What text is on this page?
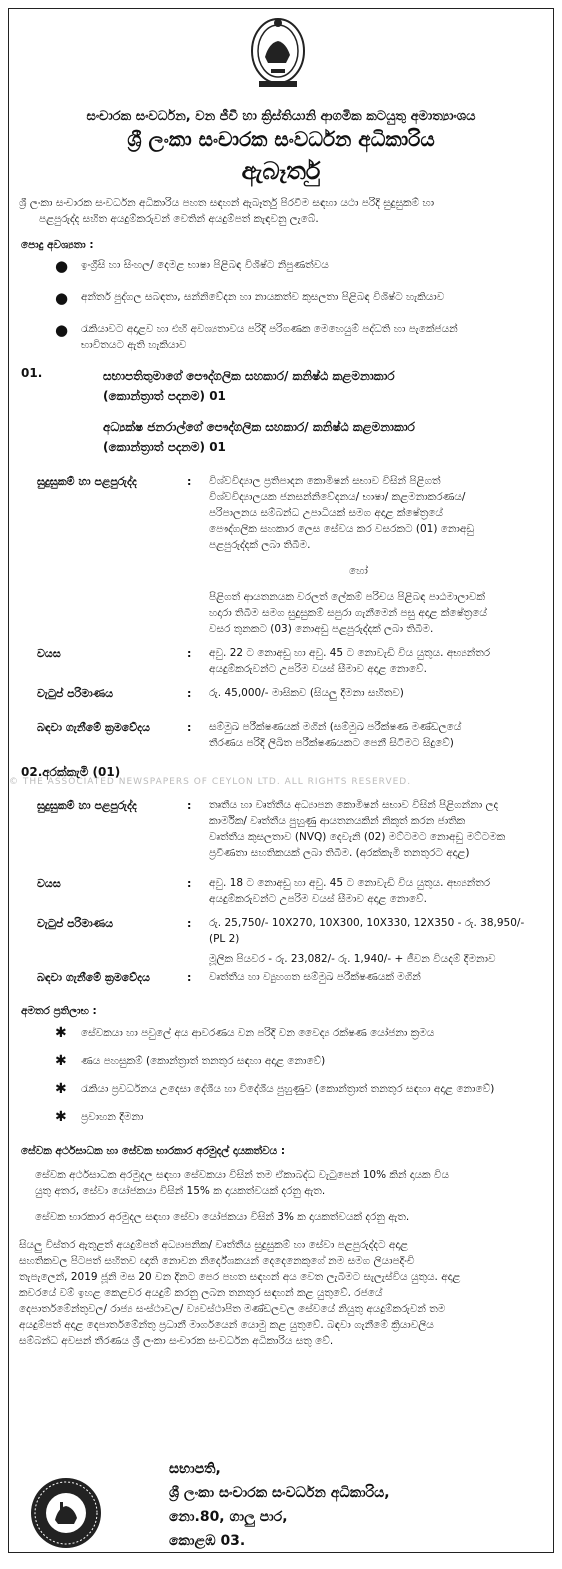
සංචාරක සංවර්ධන, වන ජීවී හා ක්‍රිස්තියානි ආගමික කටයුතු අමාත්‍යාංශය
ශ්‍රී ලංකා සංචාරක සංවර්ධන අධිකාරිය
ඇබෑර්තු
ශ්‍රී ලංකා සංචාරක සංවර්ධන අධිකාරිය පහත සඳහන් ඇබෑර්තු පිරවීම සඳහා යථා පරිදි සුදුසුකම් හා
පළපුරුද්ද සහිත අයදුම්කරුවන් වෙතින් අයදුම්පත් කැඳවනු ලැබේ.
පොදු අවශ්‍යතා :
● ඉංග්‍රීසි හා සිංහල/ දෙමළ භාෂා පිළිබඳ විශිෂ්ට නිපුණත්වය
● අන්තර් පුද්ගල සබඳතා, සන්නිවේදන හා නායකත්ව කුසලතා පිළිබඳ විශිෂ්ට හැකියාව
● රැකියාවට අදාළව හා එහි අවශ්‍යතාවය පරිදි පරිගණක මෙහෙයුම් පද්ධති හා පැකේජයන්
භාවිතයට ඇති හැකියාව
01.	සභාපතිතුමාගේ පෞද්ගලික සහකාර/ කනිෂ්ඨ කළමනාකාර
(කොන්ත්‍රාත් පදනම) 01
අධ්‍යක්ෂ ජනරාල්ගේ පෞද්ගලික සහකාර/ කනිෂ්ඨ කළමනාකාර
(කොන්ත්‍රාත් පදනම) 01
සුදුසුකම් හා පළපුරුද්ද	: විශ්වවිද්‍යාල ප්‍රතිපාදන කොමිෂන් සභාව විසින් පිළිගත්
විශ්වවිද්‍යාලයක ජනසන්නිවේදනය/ භාෂා/ කළමනාකරණය/
පරිපාලනය සම්බන්ධ උපාධියක් සමග අදාළ ක්ෂේත්‍රයේ
පෞද්ගලික සහකාර ලෙස සේවය කර වසරකට (01) නොඅඩු
පළපුරුද්දක් ලබා තිබීම.
හෝ
පිළිගත් ආයතනයක වරලත් ලේකම් පරිචය පිළිබඳ පාඨමාලාවක්
හදාරා තිබීම සමග සුදුසුකම් සපුරා ගැනීමෙන් පසු අදාළ ක්ෂේත්‍රයේ
වසර තුනකට (03) නොඅඩු පළපුරුද්දක් ලබා තිබීම.
වයස	: අවු. 22 ට නොඅඩු හා අවු. 45 ට නොවැඩි විය යුතුය. අභ්‍යන්තර
අයදුම්කරුවන්ට උපරිම වයස් සීමාව අදාළ නොවේ.
වැටුප් පරිමාණය	: රු. 45,000/- මාසිකව (සියලු දීමනා සහිතව)
බඳවා ගැනීමේ ක්‍රමවේදය	: සම්මුඛ පරීක්ෂණයක් මගින් (සම්මුඛ පරීක්ෂණ මණ්ඩලයේ
තීරණය පරිදි ලිඛිත පරීක්ෂණයකට පෙනී සිටීමට සිදුවේ)
© THE ASSOCIATED NEWSPAPERS OF CEYLON LTD. ALL RIGHTS RESERVED.
02.අරක්කැමි (01)
සුදුසුකම් හා පළපුරුද්ද	: තෘතීය හා වෘත්තීය අධ්‍යාපන කොමිෂන් සභාව විසින් පිළිගන්නා ලද
කාර්මික/ වෘත්තීය පුහුණු ආයතනයකින් නිකුත් කරන ජාතික
වෘත්තීය කුසලතාව (NVQ) දෙවැනි (02) මට්ටමට නොඅඩු මට්ටමක
ප්‍රවීණතා සහතිකයක් ලබා තිබීම. (අරක්කැමි තනතුරට අදාළ)
වයස	: අවු. 18 ට නොඅඩු හා අවු. 45 ට නොවැඩි විය යුතුය. අභ්‍යන්තර
අයදුම්කරුවන්ට උපරිම වයස් සීමාව අදාළ නොවේ.
වැටුප් පරිමාණය	: රු. 25,750/- 10X270, 10X300, 10X330, 12X350 - රු. 38,950/-(PL 2)
මූලික පියවර - රු. 23,082/- රු. 1,940/- + ජීවන වියදම් දීමනාව
බඳවා ගැනීමේ ක්‍රමවේදය	: වෘත්තීය හා ව්‍යුහගත සම්මුඛ පරීක්ෂණයක් මගින්
අමතර ප්‍රතිලාභ :
✱ සේවකයා හා පවුලේ අය ආවරණය වන පරිදි වන වෛද්‍ය රක්ෂණ යෝජනා ක්‍රමය
✱ ණය පහසුකම් (කොන්ත්‍රාත් තනතුර සඳහා අදාළ නොවේ)
✱ රැකියා ප්‍රවර්ධනය උදෙසා දේශීය හා විදේශීය පුහුණුව (කොන්ත්‍රාත් තනතුර සඳහා අදාළ නොවේ)
✱ ප්‍රවාහන දීමනා
සේවක අර්ථසාධක හා සේවක භාරකාර අරමුදල් දායකත්වය :
සේවක අර්ථසාධක අරමුදල සඳහා සේවකයා විසින් තම ඒකාබද්ධ වැටුපෙන් 10% කින් දායක විය
යුතු අතර, සේවා යෝජකයා විසින් 15% ක දායකත්වයක් දරනු ඇත.
සේවක භාරකාර අරමුදල සඳහා සේවා යෝජකයා විසින් 3% ක දායකත්වයක් දරනු ඇත.
සියලු විස්තර ඇතුළත් අයදුම්පත් අධ්‍යාපනික/ වෘත්තීය සුදුසුකම් හා සේවා පළපුරුද්දට අදාළ
සහතිකවල පිටපත් සහිතව ඥාති නොවන නිර්දේශකයන් දෙදෙනෙකුගේ නම සමග ලියාපදිංචි
තැපැලෙන්, 2019 ජූනි මස 20 වන දිනට පෙර පහත සඳහන් අය වෙත ලැබීමට සැලැස්විය යුතුය. අදාළ
කවරයේ වම් ඉහළ කෙළවර අයදුම් කරනු ලබන තනතුර සඳහන් කළ යුතුවේ. රජයේ
දෙපාර්තමේන්තුවල/ රාජ්‍ය සංස්ථාවල/ ව්‍යවස්ථාපිත මණ්ඩලවල සේවයේ නියුතු අයදුම්කරුවන් තම
අයදුම්පත් අදාළ දෙපාර්තමේන්තු ප්‍රධානී මාර්ගයෙන් යොමු කළ යුතුවේ. බඳවා ගැනීමේ ක්‍රියාවලිය
සම්බන්ධ අවසන් තීරණය ශ්‍රී ලංකා සංචාරක සංවර්ධන අධිකාරිය සතු වේ.
සභාපති,
ශ්‍රී ලංකා සංචාරක සංවර්ධන අධිකාරිය,
නො.80, ගාලු පාර,
කොළඹ 03.
